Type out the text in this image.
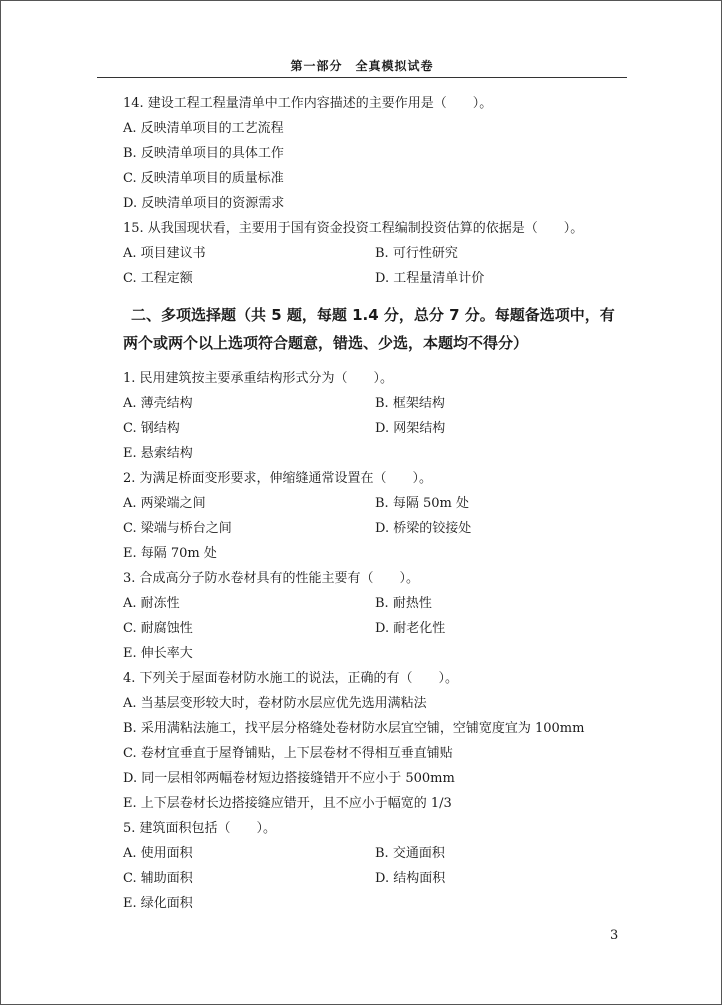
第一部分　全真模拟试卷
14. 建设工程工程量清单中工作内容描述的主要作用是（　　）。
A. 反映清单项目的工艺流程
B. 反映清单项目的具体工作
C. 反映清单项目的质量标准
D. 反映清单项目的资源需求
15. 从我国现状看，主要用于国有资金投资工程编制投资估算的依据是（　　）。
A. 项目建议书	B. 可行性研究
C. 工程定额	D. 工程量清单计价
二、多项选择题（共 5 题，每题 1.4 分，总分 7 分。每题备选项中，有
两个或两个以上选项符合题意，错选、少选，本题均不得分）
1. 民用建筑按主要承重结构形式分为（　　）。
A. 薄壳结构	B. 框架结构
C. 钢结构	D. 网架结构
E. 悬索结构
2. 为满足桥面变形要求，伸缩缝通常设置在（　　）。
A. 两梁端之间	B. 每隔 50m 处
C. 梁端与桥台之间	D. 桥梁的铰接处
E. 每隔 70m 处
3. 合成高分子防水卷材具有的性能主要有（　　）。
A. 耐冻性	B. 耐热性
C. 耐腐蚀性	D. 耐老化性
E. 伸长率大
4. 下列关于屋面卷材防水施工的说法，正确的有（　　）。
A. 当基层变形较大时，卷材防水层应优先选用满粘法
B. 采用满粘法施工，找平层分格缝处卷材防水层宜空铺，空铺宽度宜为 100mm
C. 卷材宜垂直于屋脊铺贴，上下层卷材不得相互垂直铺贴
D. 同一层相邻两幅卷材短边搭接缝错开不应小于 500mm
E. 上下层卷材长边搭接缝应错开，且不应小于幅宽的 1/3
5. 建筑面积包括（　　）。
A. 使用面积	B. 交通面积
C. 辅助面积	D. 结构面积
E. 绿化面积
3
